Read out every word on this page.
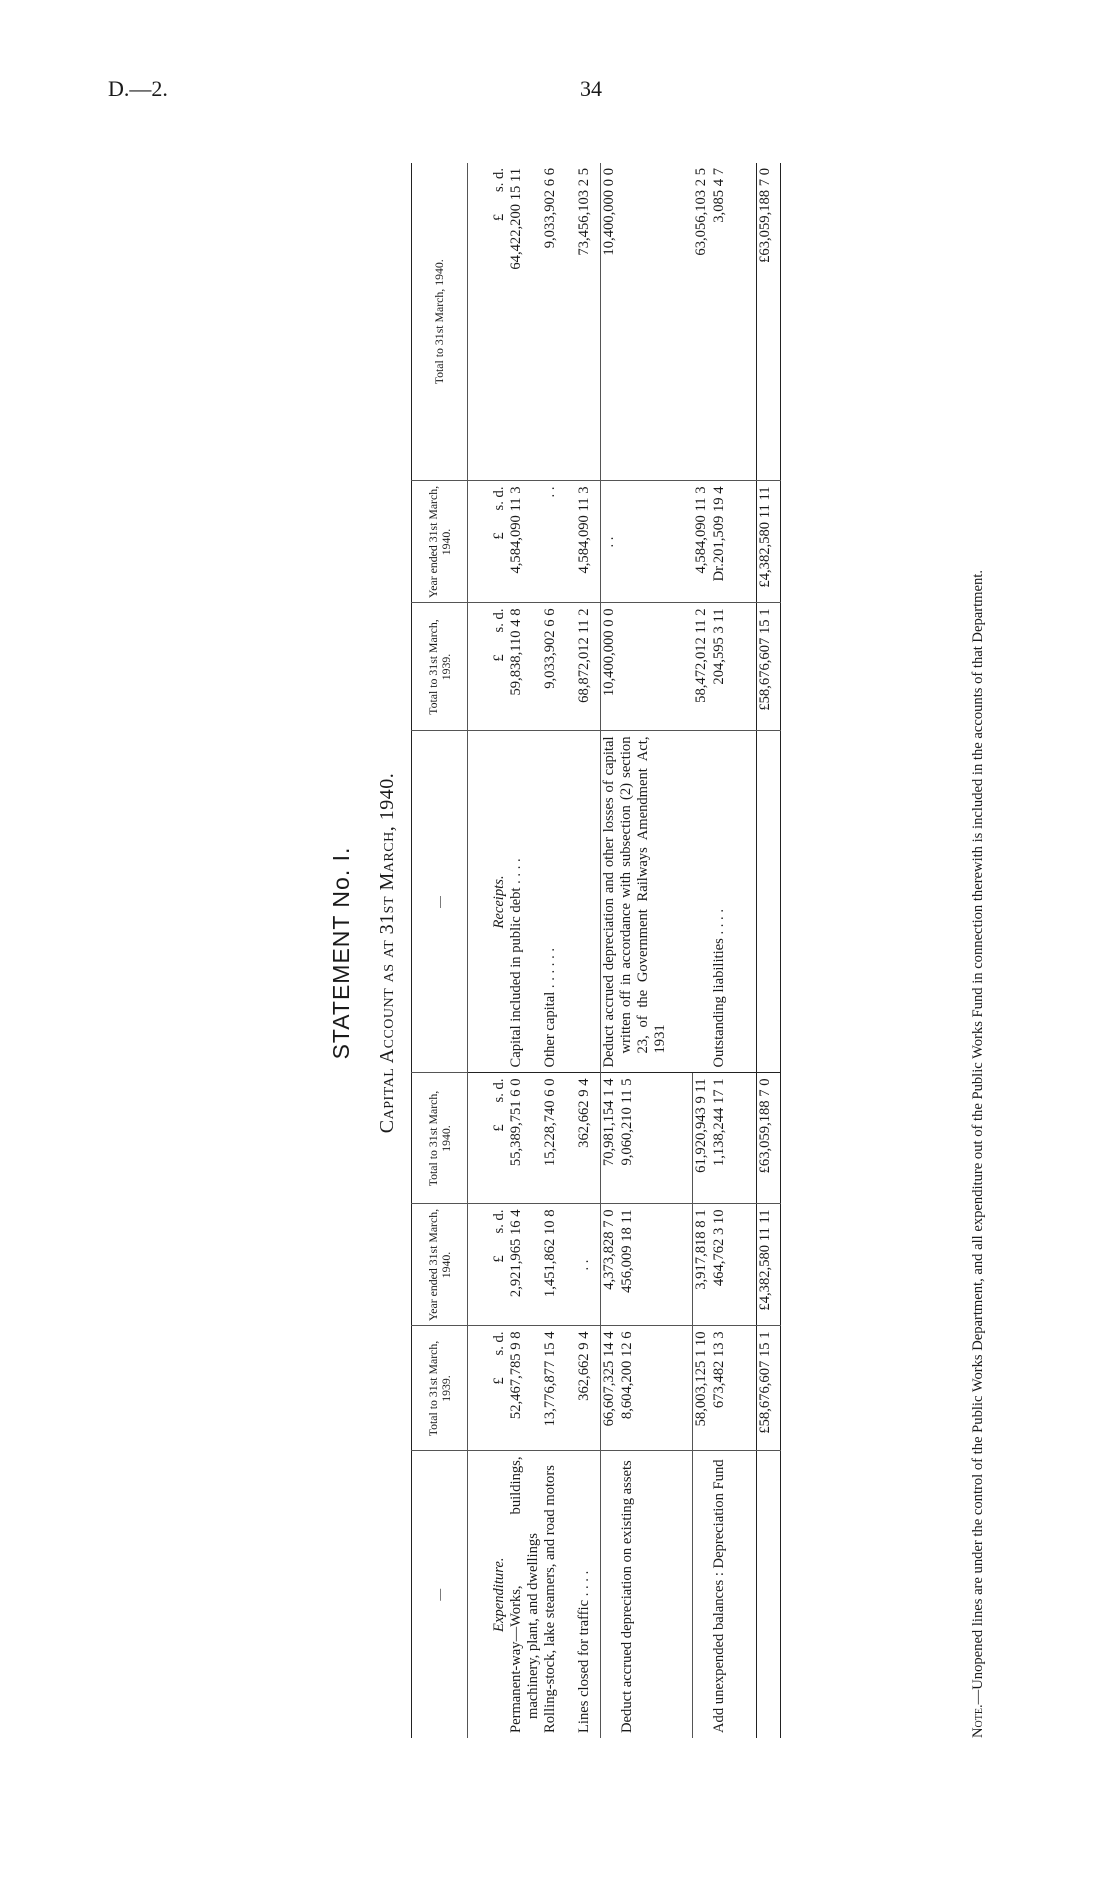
D.—2.	34
STATEMENT No. I. Capital Account as at 31st March, 1940.
—	Total to 31st March, 1939.	Year ended 31st March, 1940.	Total to 31st March, 1940.	—	Total to 31st March, 1939.	Year ended 31st March, 1940.	Total to 31st March, 1940.

Expenditure.	£      s. d.	£      s. d.	£      s. d.	Receipts.	£      s. d.	£      s. d.	£      s. d.

Permanent-way—Works, buildings, machinery, plant, and dwellings	52,467,785 9 8	2,921,965 16 4	55,389,751 6 0	Capital included in public debt . . . .	59,838,110 4 8	4,584,090 11 3	64,422,200 15 11

Rolling-stock, lake steamers, and road motors	13,776,877 15 4	1,451,862 10 8	15,228,740 6 0	Other capital . . . . . .	9,033,902 6 6	. .	9,033,902 6 6

Lines closed for traffic . . . .	362,662 9 4	. .	362,662 9 4		68,872,012 11 2	4,584,090 11 3	73,456,103 2 5

	66,607,325 14 4	4,373,828 7 0	70,981,154 1 4	Deduct accrued depreciation and other losses of capital written off in accordance with subsection (2) section 23, of the Government Railways Amendment Act, 1931	10,400,000 0 0	. .	10,400,000 0 0

Deduct accrued depreciation on existing assets	8,604,200 12 6	456,009 18 11	9,060,210 11 5				

	58,003,125 1 10	3,917,818 8 1	61,920,943 9 11		58,472,012 11 2	4,584,090 11 3	63,056,103 2 5

Add unexpended balances : Depreciation Fund	673,482 13 3	464,762 3 10	1,138,244 17 1	Outstanding liabilities . . . .	204,595 3 11	Dr.201,509 19 4	3,085 4 7
	£58,676,607 15 1	£4,382,580 11 11	£63,059,188 7 0		£58,676,607 15 1	£4,382,580 11 11	£63,059,188 7 0
Note.—Unopened lines are under the control of the Public Works Department, and all expenditure out of the Public Works Fund in connection therewith is included in the accounts of that Department.
